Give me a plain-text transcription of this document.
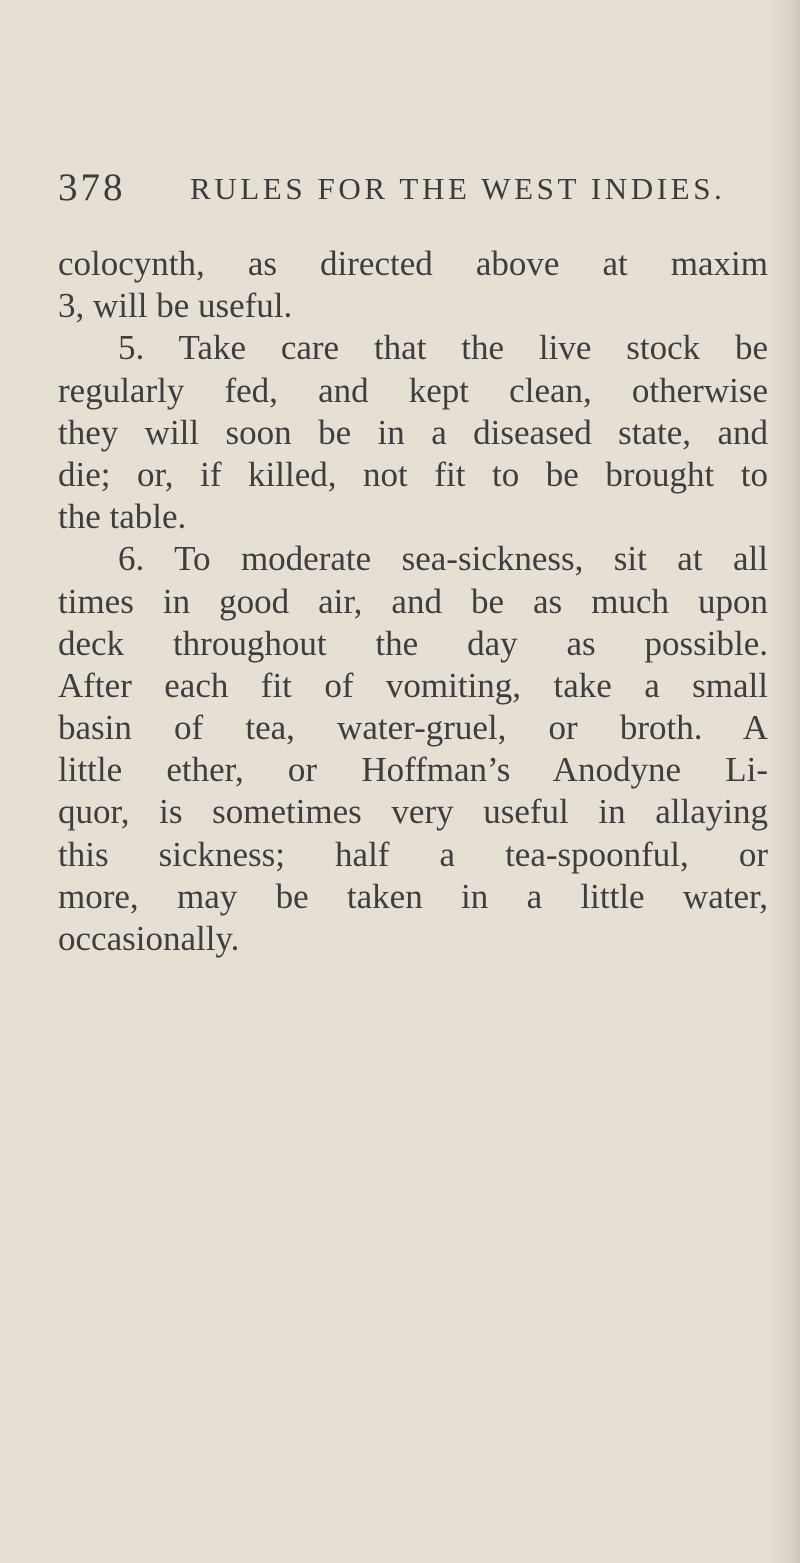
378 RULES FOR THE WEST INDIES.
colocynth, as directed above at maxim
3, will be useful.
5. Take care that the live stock be
regularly fed, and kept clean, otherwise
they will soon be in a diseased state, and
die; or, if killed, not fit to be brought to
the table.
6. To moderate sea-sickness, sit at all
times in good air, and be as much upon
deck throughout the day as possible.
After each fit of vomiting, take a small
basin of tea, water-gruel, or broth. A
little ether, or Hoffman’s Anodyne Li-
quor, is sometimes very useful in allaying
this sickness; half a tea-spoonful, or
more, may be taken in a little water,
occasionally.
